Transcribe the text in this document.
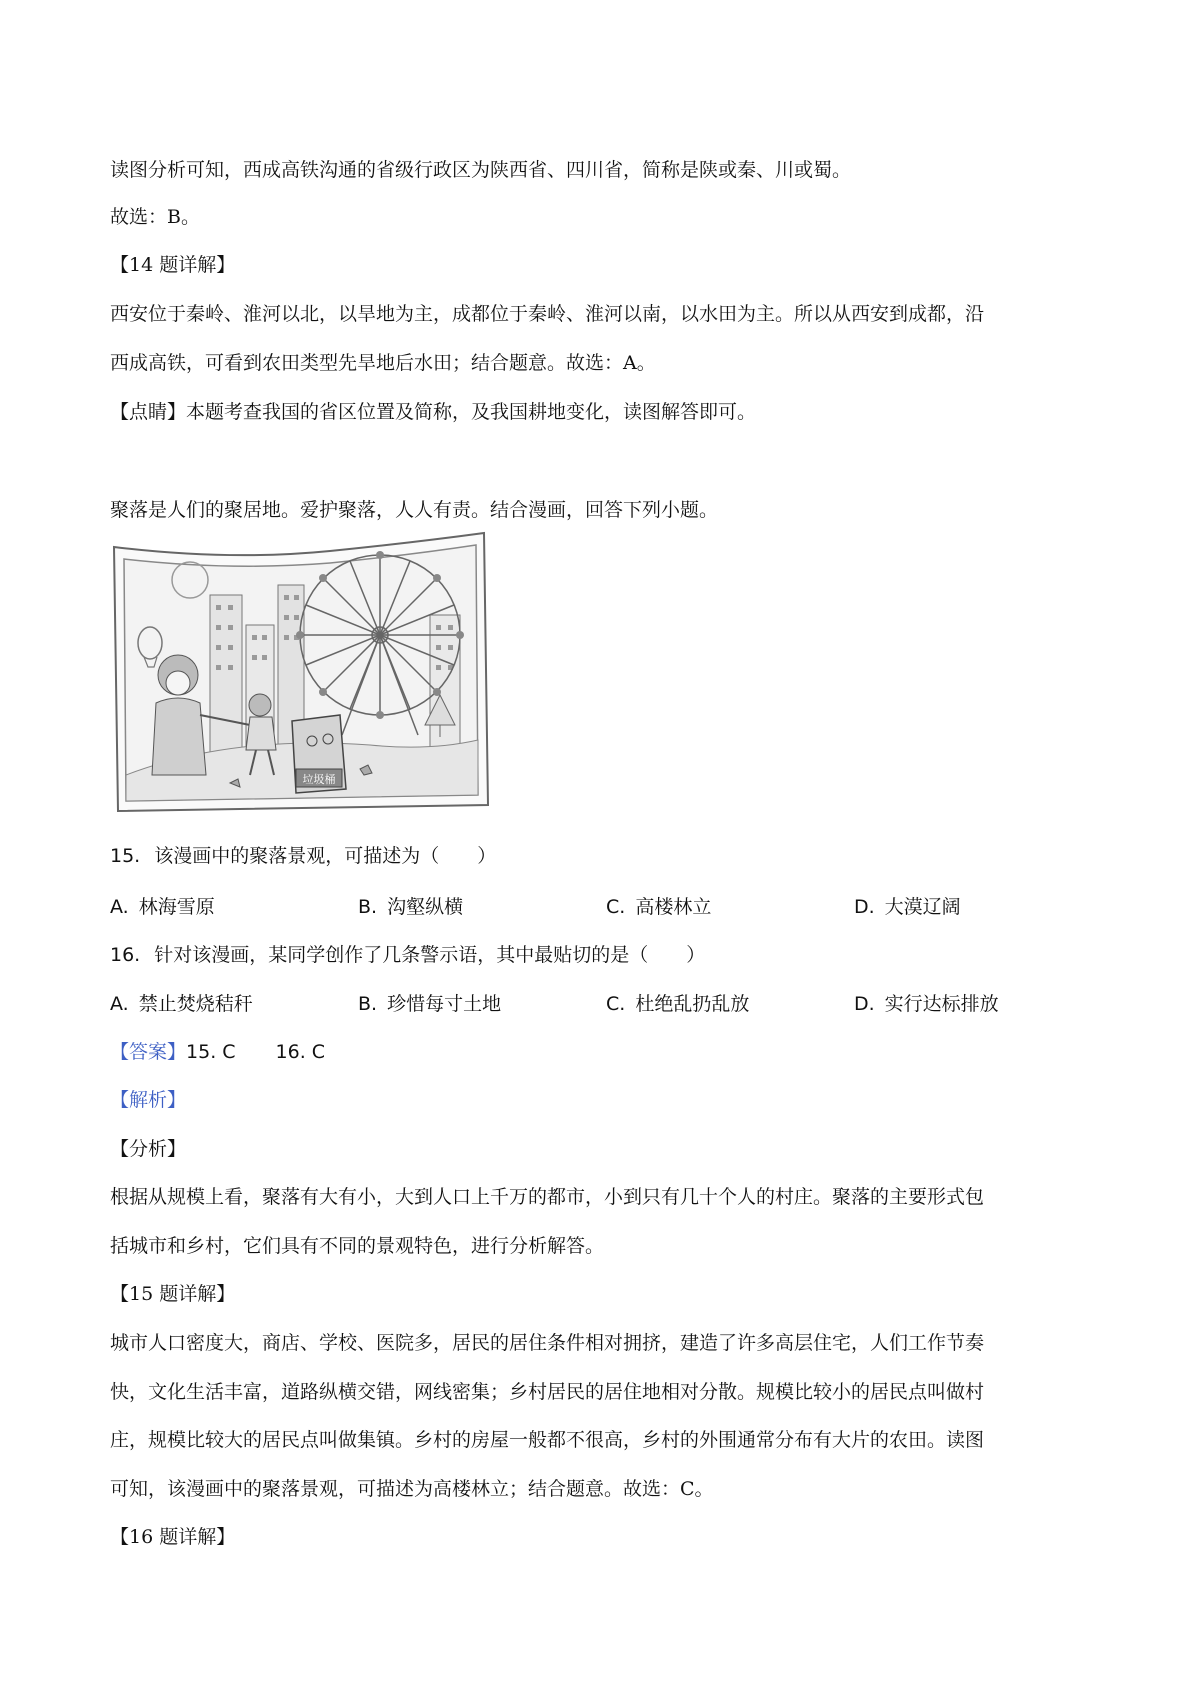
读图分析可知，西成高铁沟通的省级行政区为陕西省、四川省，简称是陕或秦、川或蜀。
故选：B。
【14 题详解】
西安位于秦岭、淮河以北，以旱地为主，成都位于秦岭、淮河以南，以水田为主。所以从西安到成都，沿
西成高铁，可看到农田类型先旱地后水田；结合题意。故选：A。
【点睛】本题考查我国的省区位置及简称，及我国耕地变化，读图解答即可。
聚落是人们的聚居地。爱护聚落，人人有责。结合漫画，回答下列小题。
垃圾桶
15. 该漫画中的聚落景观，可描述为（　　）
A. 林海雪原	B. 沟壑纵横	C. 高楼林立	D. 大漠辽阔
16. 针对该漫画，某同学创作了几条警示语，其中最贴切的是（　　）
A. 禁止焚烧秸秆	B. 珍惜每寸土地	C. 杜绝乱扔乱放	D. 实行达标排放
【答案】15. C 16. C
【解析】
【分析】
根据从规模上看，聚落有大有小，大到人口上千万的都市，小到只有几十个人的村庄。聚落的主要形式包
括城市和乡村，它们具有不同的景观特色，进行分析解答。
【15 题详解】
城市人口密度大，商店、学校、医院多，居民的居住条件相对拥挤，建造了许多高层住宅，人们工作节奏
快，文化生活丰富，道路纵横交错，网线密集；乡村居民的居住地相对分散。规模比较小的居民点叫做村
庄，规模比较大的居民点叫做集镇。乡村的房屋一般都不很高，乡村的外围通常分布有大片的农田。读图
可知，该漫画中的聚落景观，可描述为高楼林立；结合题意。故选：C。
【16 题详解】
